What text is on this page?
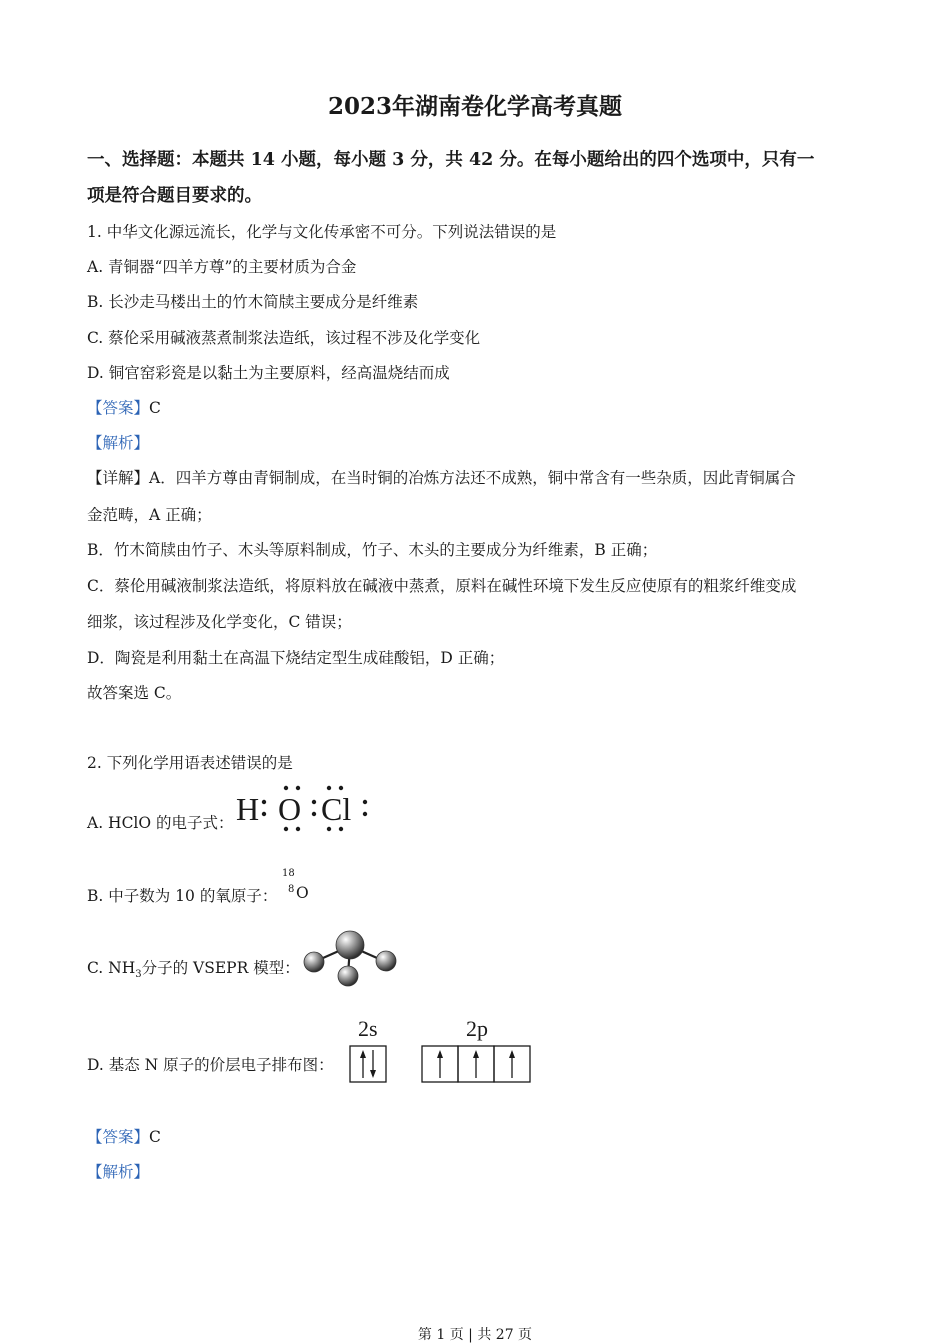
2023年湖南卷化学高考真题
一、选择题：本题共 14 小题，每小题 3 分，共 42 分。在每小题给出的四个选项中，只有一
项是符合题目要求的。
1. 中华文化源远流长，化学与文化传承密不可分。下列说法错误的是
A. 青铜器“四羊方尊”的主要材质为合金
B. 长沙走马楼出土的竹木简牍主要成分是纤维素
C. 蔡伦采用碱液蒸煮制浆法造纸，该过程不涉及化学变化
D. 铜官窑彩瓷是以黏土为主要原料，经高温烧结而成
【答案】C
【解析】
【详解】A．四羊方尊由青铜制成，在当时铜的冶炼方法还不成熟，铜中常含有一些杂质，因此青铜属合
金范畴，A 正确；
B．竹木简牍由竹子、木头等原料制成，竹子、木头的主要成分为纤维素，B 正确；
C．蔡伦用碱液制浆法造纸，将原料放在碱液中蒸煮，原料在碱性环境下发生反应使原有的粗浆纤维变成
细浆，该过程涉及化学变化，C 错误；
D．陶瓷是利用黏土在高温下烧结定型生成硅酸铝，D 正确；
故答案选 C。
2. 下列化学用语表述错误的是
A. HClO 的电子式： H O Cl
B. 中子数为 10 的氧原子：
18
8 O
C. $NH_3$分子的 VSEPR 模型：
D. 基态 N 原子的价层电子排布图：
2s	2p
【答案】C
【解析】
第 1 页 | 共 27 页
